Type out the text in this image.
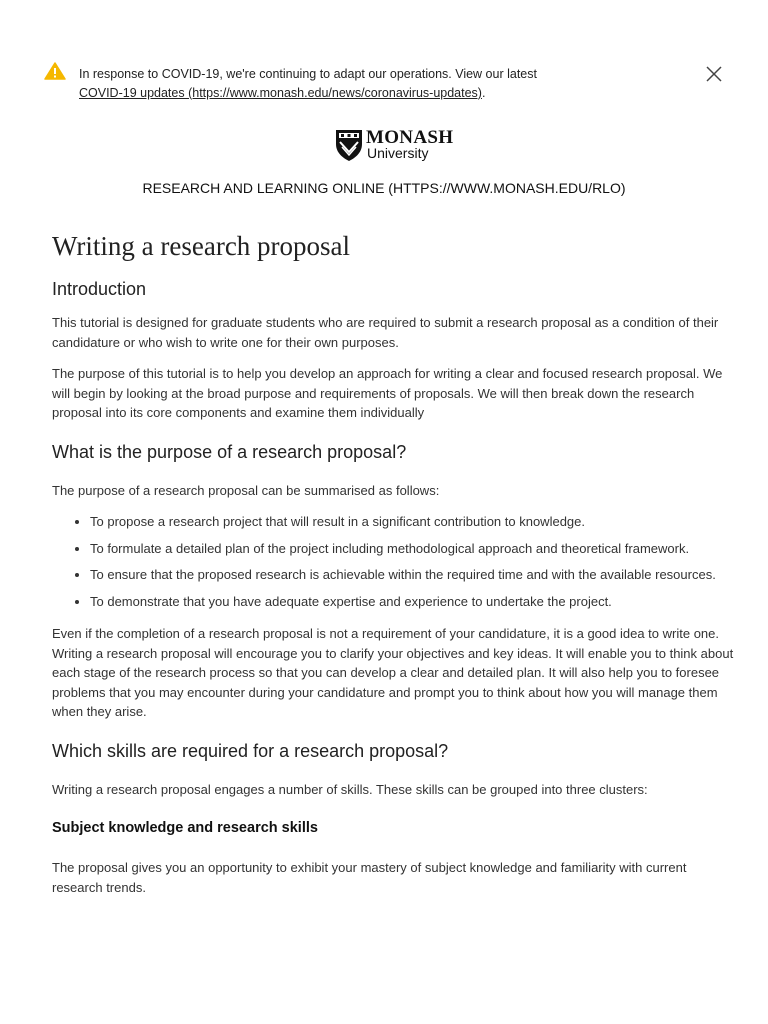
In response to COVID-19, we're continuing to adapt our operations. View our latest
COVID-19 updates (https://www.monash.edu/news/coronavirus-updates).
MONASH
University
RESEARCH AND LEARNING ONLINE (HTTPS://WWW.MONASH.EDU/RLO)
Writing a research proposal
Introduction

This tutorial is designed for graduate students who are required to submit a research proposal as a condition of their candidature or who wish to write one for their own purposes.

The purpose of this tutorial is to help you develop an approach for writing a clear and focused research proposal. We will begin by looking at the broad purpose and requirements of proposals. We will then break down the research proposal into its core components and examine them individually

What is the purpose of a research proposal?

The purpose of a research proposal can be summarised as follows:

• To propose a research project that will result in a significant contribution to knowledge.
• To formulate a detailed plan of the project including methodological approach and theoretical framework.
• To ensure that the proposed research is achievable within the required time and with the available resources.
• To demonstrate that you have adequate expertise and experience to undertake the project.

Even if the completion of a research proposal is not a requirement of your candidature, it is a good idea to write one. Writing a research proposal will encourage you to clarify your objectives and key ideas. It will enable you to think about each stage of the research process so that you can develop a clear and detailed plan. It will also help you to foresee problems that you may encounter during your candidature and prompt you to think about how you will manage them when they arise.

Which skills are required for a research proposal?

Writing a research proposal engages a number of skills. These skills can be grouped into three clusters:

Subject knowledge and research skills

The proposal gives you an opportunity to exhibit your mastery of subject knowledge and familiarity with current research trends.
